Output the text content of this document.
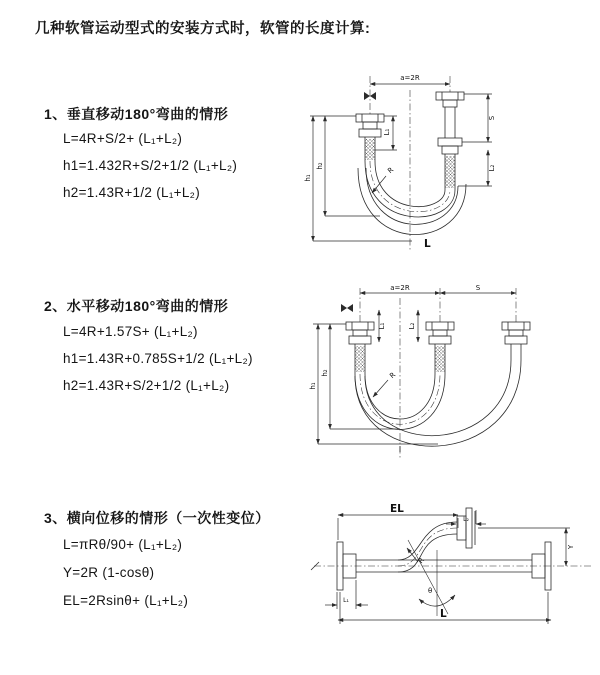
几种软管运动型式的安装方式时，软管的长度计算:
1、垂直移动180°弯曲的情形
L=4R+S/2+ (L₁+L₂)
h1=1.432R+S/2+1/2 (L₁+L₂)
h2=1.43R+1/2 (L₁+L₂)
2、水平移动180°弯曲的情形
L=4R+1.57S+ (L₁+L₂)
h1=1.43R+0.785S+1/2 (L₁+L₂)
h2=1.43R+S/2+1/2 (L₁+L₂)
3、横向位移的情形（一次性变位）
L=πRθ/90+ (L₁+L₂)
Y=2R (1-cosθ)
EL=2Rsinθ+ (L₁+L₂)
a=2R
L₁
S
L₂
h₁
h₂	R
L
a=2R	S
L₁	L₂
h₁
h₂	R
EL
L₂
Y
R
θ
L₁
L
